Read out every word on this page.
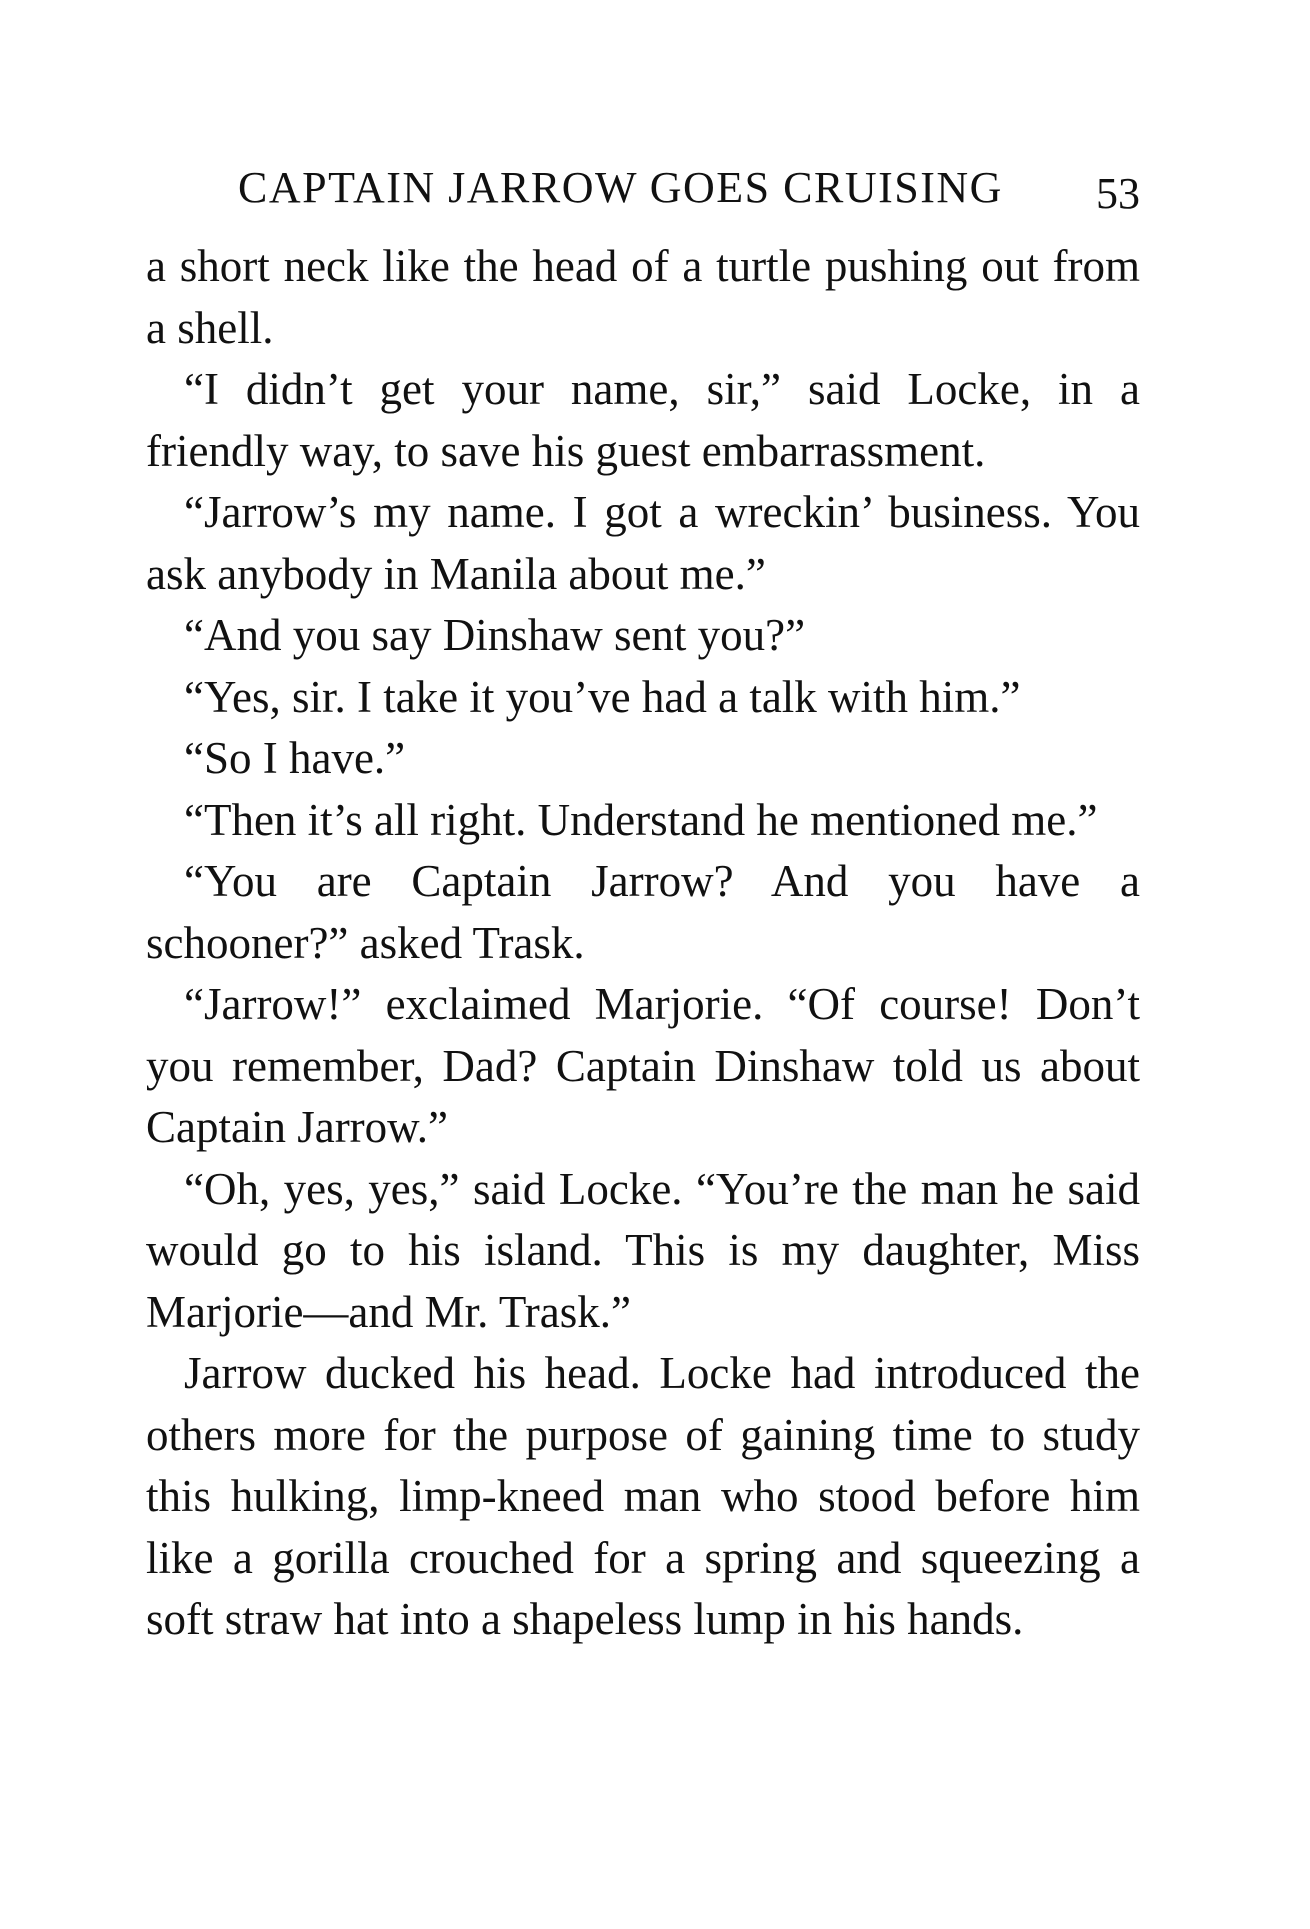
CAPTAIN JARROW GOES CRUISING 53

a short neck like the head of a turtle pushing out from a shell.

“I didn’t get your name, sir,” said Locke, in a friendly way, to save his guest embarrassment.

“Jarrow’s my name. I got a wreckin’ business. You ask anybody in Manila about me.”

“And you say Dinshaw sent you?”

“Yes, sir. I take it you’ve had a talk with him.”

“So I have.”

“Then it’s all right. Understand he mentioned me.”

“You are Captain Jarrow? And you have a schooner?” asked Trask.

“Jarrow!” exclaimed Marjorie. “Of course! Don’t you remember, Dad? Captain Dinshaw told us about Captain Jarrow.”

“Oh, yes, yes,” said Locke. “You’re the man he said would go to his island. This is my daughter, Miss Marjorie—and Mr. Trask.”

Jarrow ducked his head. Locke had introduced the others more for the purpose of gaining time to study this hulking, limp-kneed man who stood before him like a gorilla crouched for a spring and squeezing a soft straw hat into a shapeless lump in his hands.
